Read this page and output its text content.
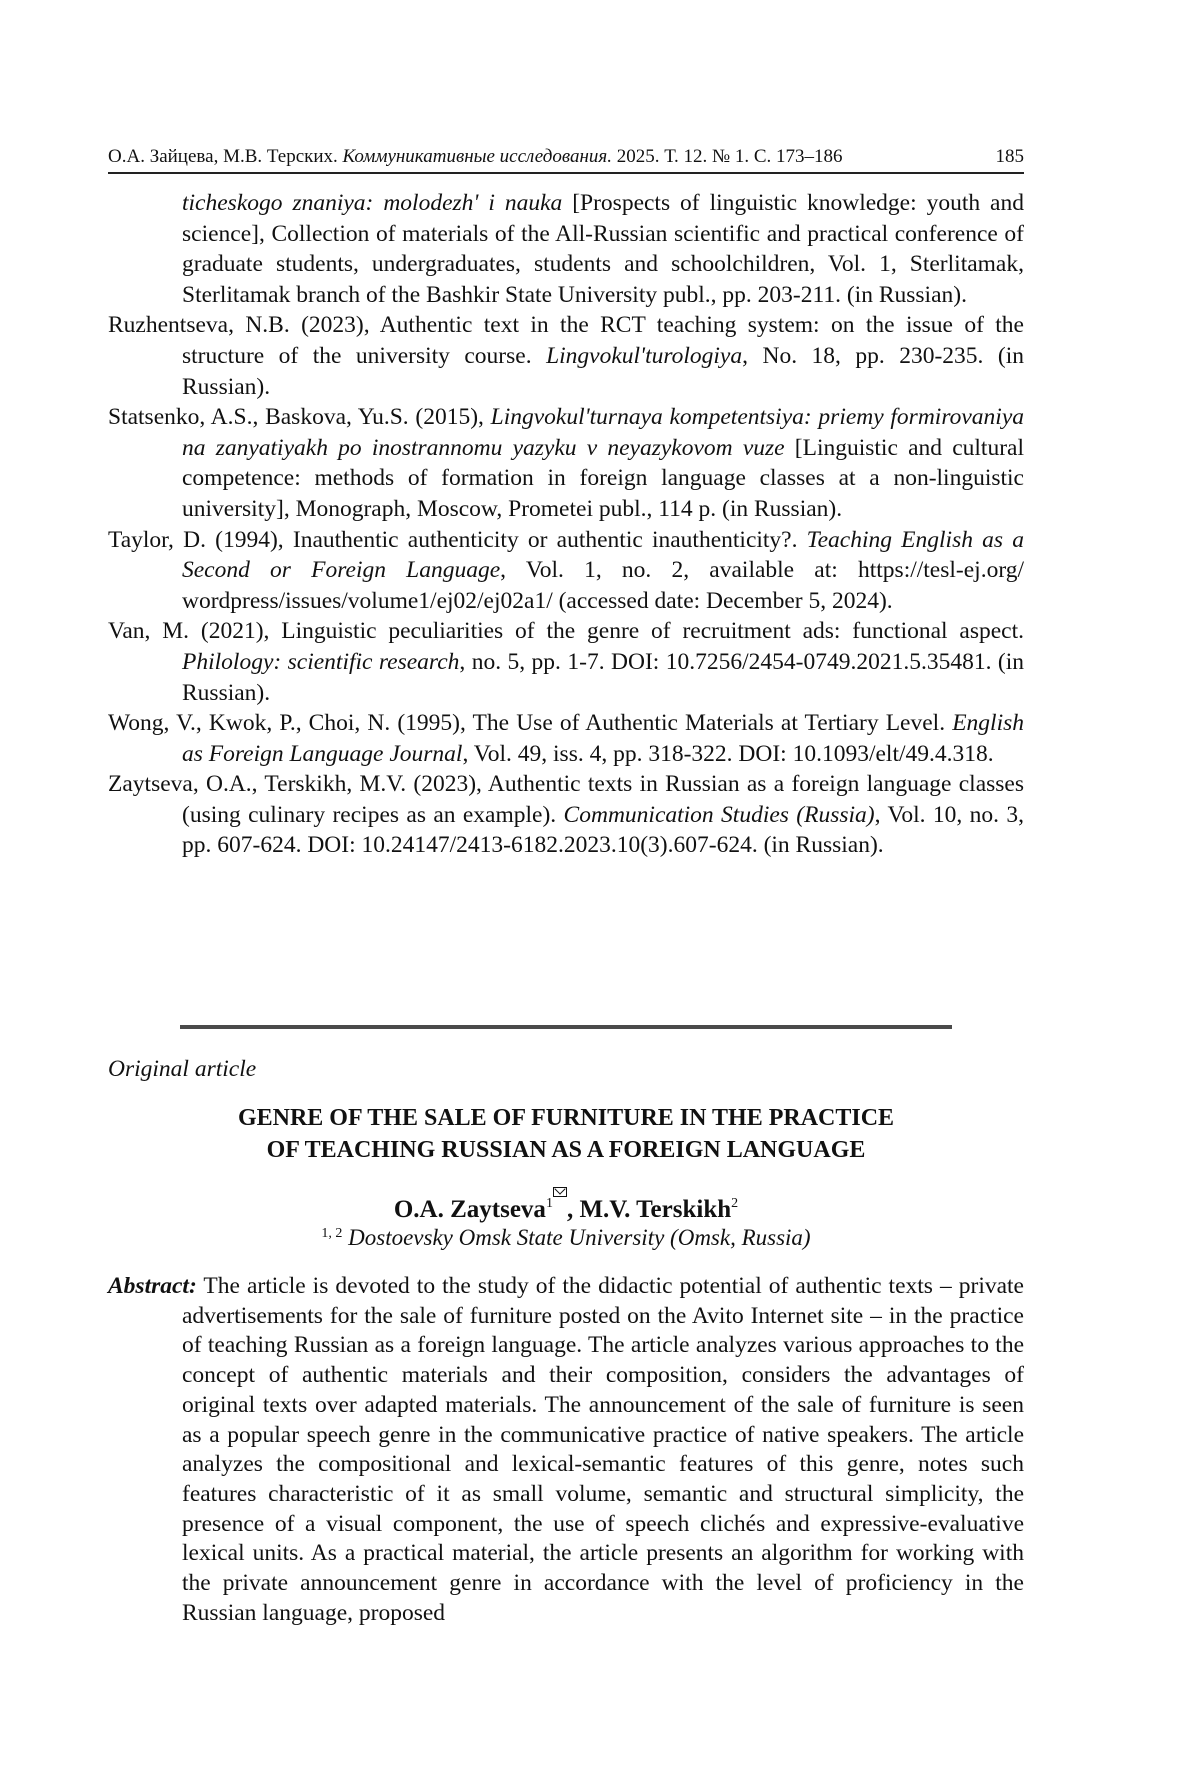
О.А. Зайцева, М.В. Терских. Коммуникативные исследования. 2025. Т. 12. № 1. С. 173–186	185

ticheskogo znaniya: molodezh' i nauka [Prospects of linguistic knowledge: youth and science], Collection of materials of the All-Russian scientific and practical conference of graduate students, undergraduates, students and schoolchildren, Vol. 1, Sterlitamak, Sterlitamak branch of the Bashkir State University publ., pp. 203-211. (in Russian).

Ruzhentseva, N.B. (2023), Authentic text in the RCT teaching system: on the issue of the structure of the university course. Lingvokul'turologiya, No. 18, pp. 230-235. (in Russian).

Statsenko, A.S., Baskova, Yu.S. (2015), Lingvokul'turnaya kompetentsiya: priemy formirovaniya na zanyatiyakh po inostrannomu yazyku v neyazykovom vuze [Linguistic and cultural competence: methods of formation in foreign language classes at a non-linguistic university], Monograph, Moscow, Prometei publ., 114 p. (in Russian).

Taylor, D. (1994), Inauthentic authenticity or authentic inauthenticity?. Teaching English as a Second or Foreign Language, Vol. 1, no. 2, available at: https://tesl-ej.org/ wordpress/issues/volume1/ej02/ej02a1/ (accessed date: December 5, 2024).

Van, M. (2021), Linguistic peculiarities of the genre of recruitment ads: functional aspect. Philology: scientific research, no. 5, pp. 1-7. DOI: 10.7256/2454-0749.2021.5.35481. (in Russian).

Wong, V., Kwok, P., Choi, N. (1995), The Use of Authentic Materials at Tertiary Level. English as Foreign Language Journal, Vol. 49, iss. 4, pp. 318-322. DOI: 10.1093/elt/49.4.318.

Zaytseva, O.A., Terskikh, M.V. (2023), Authentic texts in Russian as a foreign language classes (using culinary recipes as an example). Communication Studies (Russia), Vol. 10, no. 3, pp. 607-624. DOI: 10.24147/2413-6182.2023.10(3).607-624. (in Russian).

Original article
GENRE OF THE SALE OF FURNITURE IN THE PRACTICE
OF TEACHING RUSSIAN AS A FOREIGN LANGUAGE
O.A. Zaytseva$^1$ , M.V. Terskikh$^2$
$^{1, 2}$ Dostoevsky Omsk State University (Omsk, Russia)

Abstract: The article is devoted to the study of the didactic potential of authentic texts – private advertisements for the sale of furniture posted on the Avito Internet site – in the practice of teaching Russian as a foreign language. The article analyzes various approaches to the concept of authentic materials and their composition, considers the advantages of original texts over adapted materials. The announcement of the sale of furniture is seen as a popular speech genre in the communicative practice of native speakers. The article analyzes the compositional and lexical-semantic features of this genre, notes such features characteristic of it as small volume, semantic and structural simplicity, the presence of a visual component, the use of speech clichés and expressive-evaluative lexical units. As a practical material, the article presents an algorithm for working with the private announcement genre in accordance with the level of proficiency in the Russian language, proposed
